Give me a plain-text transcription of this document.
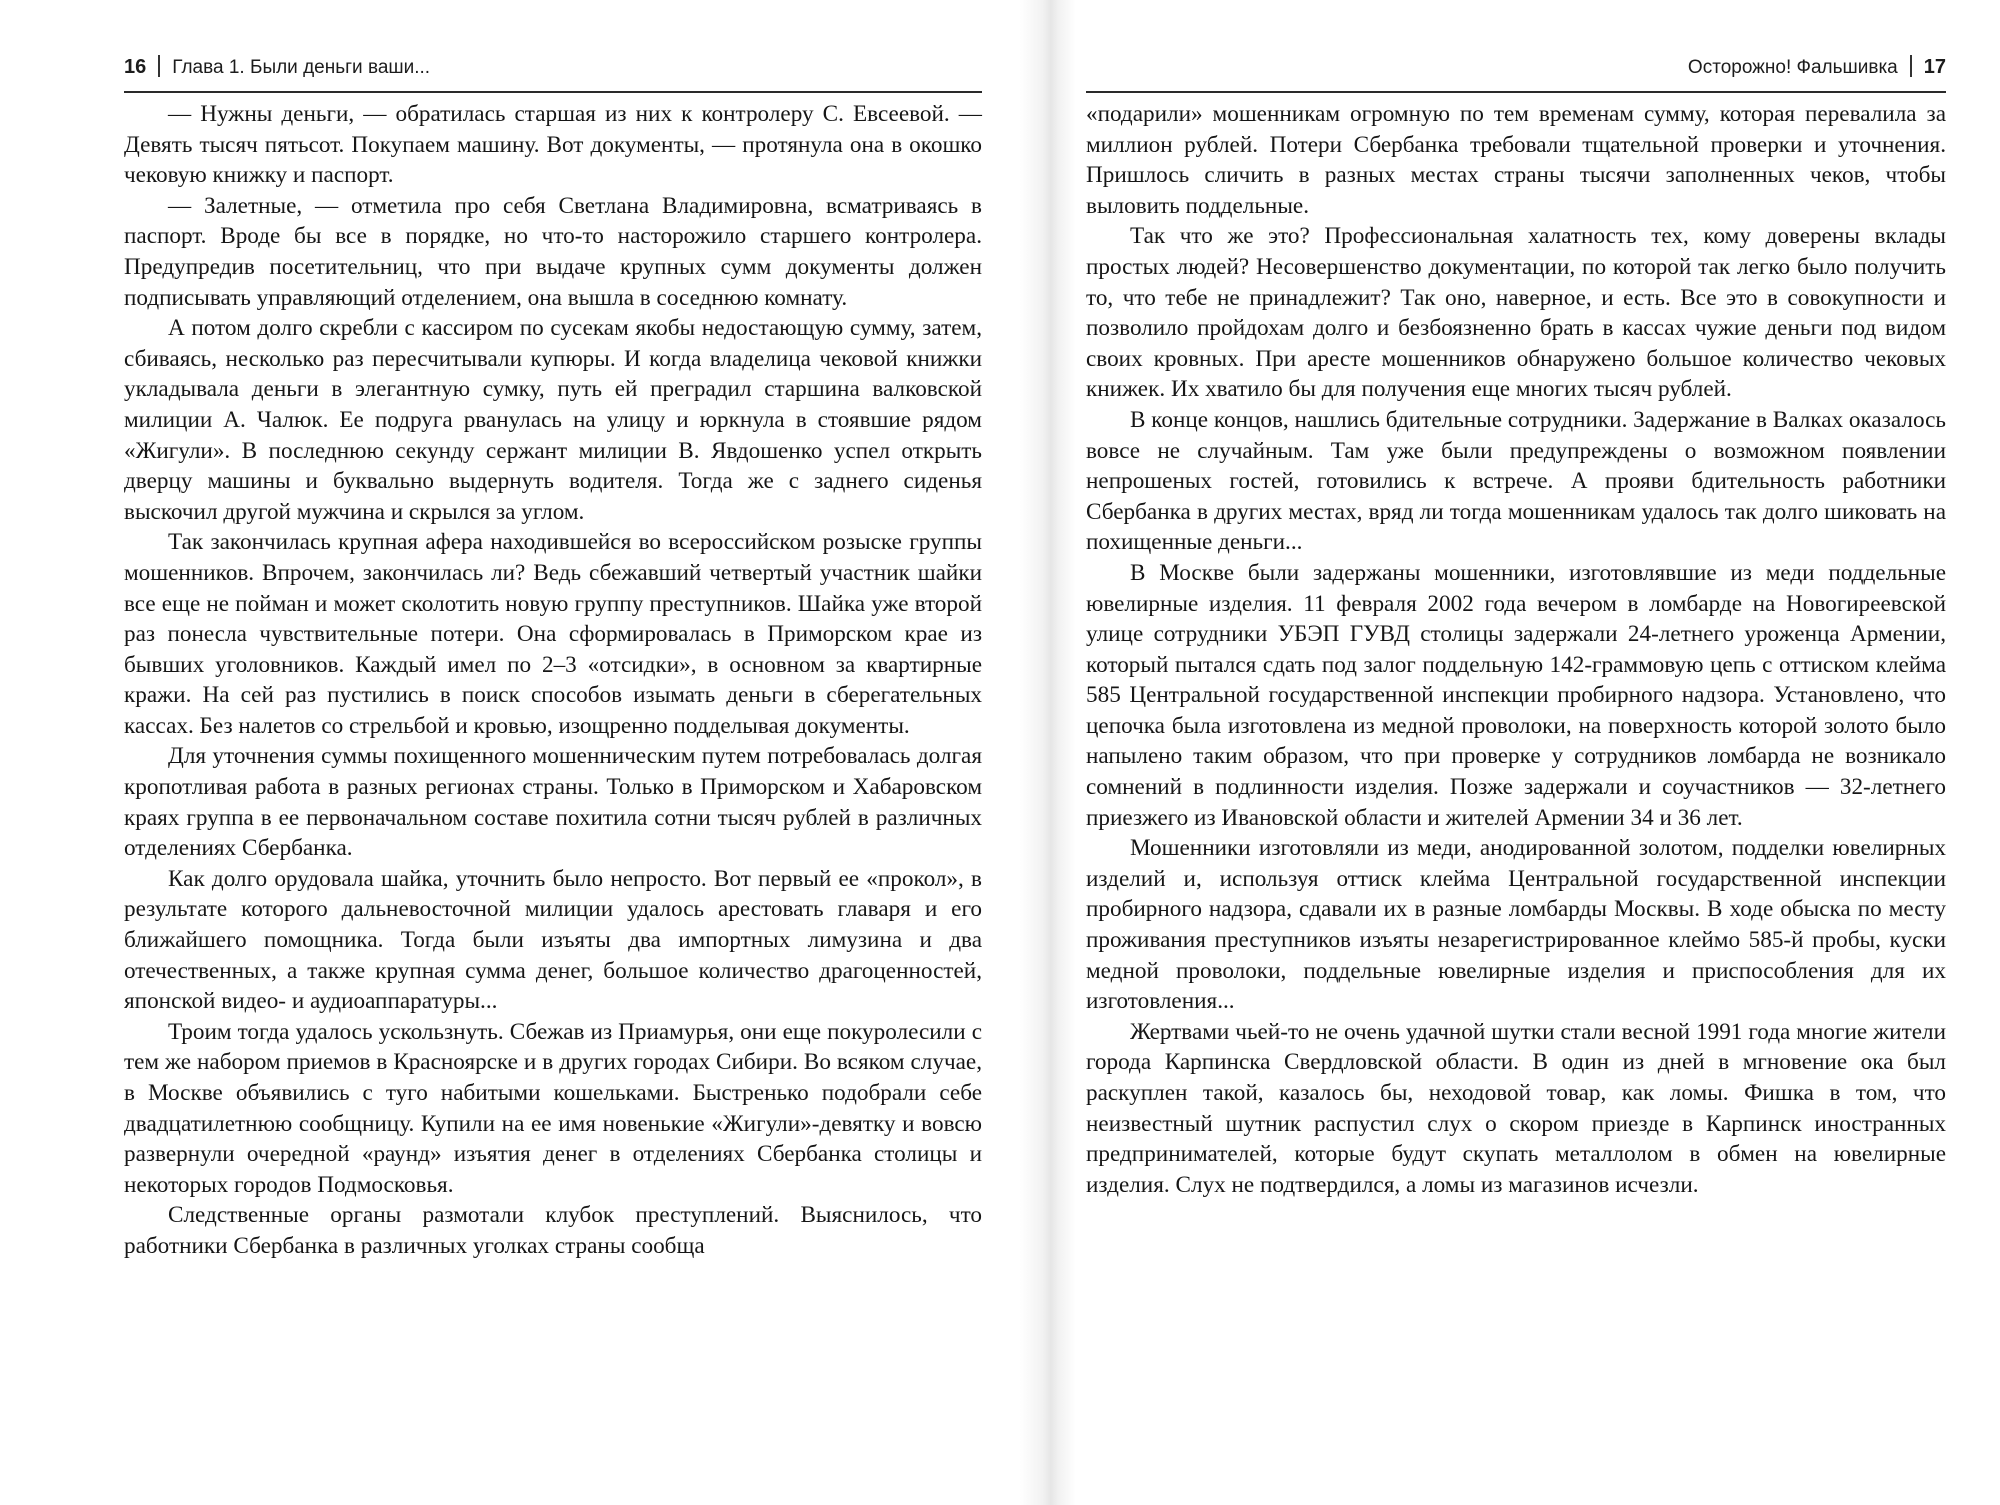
16 Глава 1. Были деньги ваши...

— Нужны деньги, — обратилась старшая из них к контролеру С. Евсеевой. — Девять тысяч пятьсот. Покупаем машину. Вот документы, — протянула она в окошко чековую книжку и паспорт.

— Залетные, — отметила про себя Светлана Владимировна, всматриваясь в паспорт. Вроде бы все в порядке, но что-то насторожило старшего контролера. Предупредив посетительниц, что при выдаче крупных сумм документы должен подписывать управляющий отделением, она вышла в соседнюю комнату.

А потом долго скребли с кассиром по сусекам якобы недостающую сумму, затем, сбиваясь, несколько раз пересчитывали купюры. И когда владелица чековой книжки укладывала деньги в элегантную сумку, путь ей преградил старшина валковской милиции А. Чалюк. Ее подруга рванулась на улицу и юркнула в стоявшие рядом «Жигули». В последнюю секунду сержант милиции В. Явдошенко успел открыть дверцу машины и буквально выдернуть водителя. Тогда же с заднего сиденья выскочил другой мужчина и скрылся за углом.

Так закончилась крупная афера находившейся во всероссийском розыске группы мошенников. Впрочем, закончилась ли? Ведь сбежавший четвертый участник шайки все еще не пойман и может сколотить новую группу преступников. Шайка уже второй раз понесла чувствительные потери. Она сформировалась в Приморском крае из бывших уголовников. Каждый имел по 2–3 «отсидки», в основном за квартирные кражи. На сей раз пустились в поиск способов изымать деньги в сберегательных кассах. Без налетов со стрельбой и кровью, изощренно подделывая документы.

Для уточнения суммы похищенного мошенническим путем потребовалась долгая кропотливая работа в разных регионах страны. Только в Приморском и Хабаровском краях группа в ее первоначальном составе похитила сотни тысяч рублей в различных отделениях Сбербанка.

Как долго орудовала шайка, уточнить было непросто. Вот первый ее «прокол», в результате которого дальневосточной милиции удалось арестовать главаря и его ближайшего помощника. Тогда были изъяты два импортных лимузина и два отечественных, а также крупная сумма денег, большое количество драгоценностей, японской видео- и аудиоаппаратуры...

Троим тогда удалось ускользнуть. Сбежав из Приамурья, они еще покуролесили с тем же набором приемов в Красноярске и в других городах Сибири. Во всяком случае, в Москве объявились с туго набитыми кошельками. Быстренько подобрали себе двадцатилетнюю сообщницу. Купили на ее имя новенькие «Жигули»-девятку и вовсю развернули очередной «раунд» изъятия денег в отделениях Сбербанка столицы и некоторых городов Подмосковья.

Следственные органы размотали клубок преступлений. Выяснилось, что работники Сбербанка в различных уголках страны сообща

Осторожно! Фальшивка 17

«подарили» мошенникам огромную по тем временам сумму, которая перевалила за миллион рублей. Потери Сбербанка требовали тщательной проверки и уточнения. Пришлось сличить в разных местах страны тысячи заполненных чеков, чтобы выловить поддельные.

Так что же это? Профессиональная халатность тех, кому доверены вклады простых людей? Несовершенство документации, по которой так легко было получить то, что тебе не принадлежит? Так оно, наверное, и есть. Все это в совокупности и позволило пройдохам долго и безбоязненно брать в кассах чужие деньги под видом своих кровных. При аресте мошенников обнаружено большое количество чековых книжек. Их хватило бы для получения еще многих тысяч рублей.

В конце концов, нашлись бдительные сотрудники. Задержание в Валках оказалось вовсе не случайным. Там уже были предупреждены о возможном появлении непрошеных гостей, готовились к встрече. А прояви бдительность работники Сбербанка в других местах, вряд ли тогда мошенникам удалось так долго шиковать на похищенные деньги...

В Москве были задержаны мошенники, изготовлявшие из меди поддельные ювелирные изделия. 11 февраля 2002 года вечером в ломбарде на Новогиреевской улице сотрудники УБЭП ГУВД столицы задержали 24-летнего уроженца Армении, который пытался сдать под залог поддельную 142-граммовую цепь с оттиском клейма 585 Центральной государственной инспекции пробирного надзора. Установлено, что цепочка была изготовлена из медной проволоки, на поверхность которой золото было напылено таким образом, что при проверке у сотрудников ломбарда не возникало сомнений в подлинности изделия. Позже задержали и соучастников — 32-летнего приезжего из Ивановской области и жителей Армении 34 и 36 лет.

Мошенники изготовляли из меди, анодированной золотом, подделки ювелирных изделий и, используя оттиск клейма Центральной государственной инспекции пробирного надзора, сдавали их в разные ломбарды Москвы. В ходе обыска по месту проживания преступников изъяты незарегистрированное клеймо 585-й пробы, куски медной проволоки, поддельные ювелирные изделия и приспособления для их изготовления...

Жертвами чьей-то не очень удачной шутки стали весной 1991 года многие жители города Карпинска Свердловской области. В один из дней в мгновение ока был раскуплен такой, казалось бы, неходовой товар, как ломы. Фишка в том, что неизвестный шутник распустил слух о скором приезде в Карпинск иностранных предпринимателей, которые будут скупать металлолом в обмен на ювелирные изделия. Слух не подтвердился, а ломы из магазинов исчезли.
